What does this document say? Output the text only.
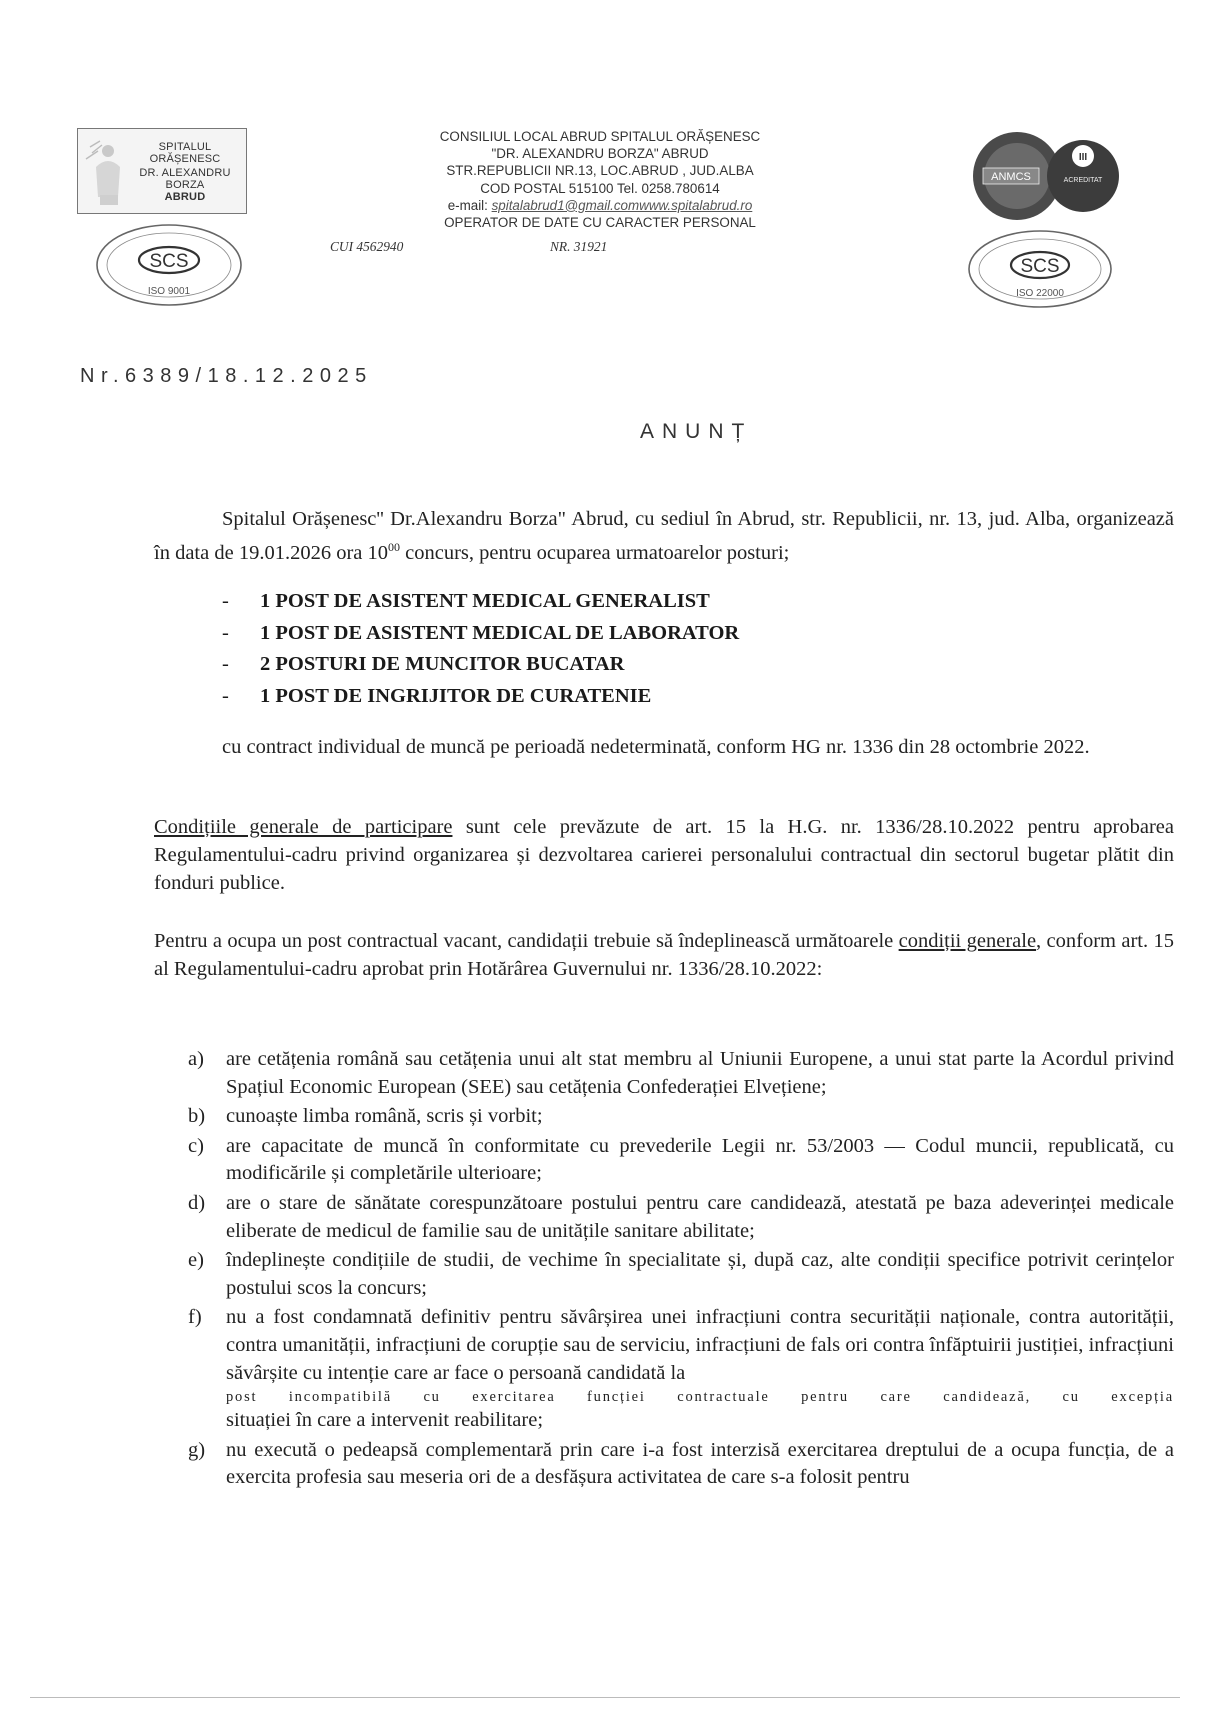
SPITALUL ORĂȘENESC
DR. ALEXANDRU BORZA
ABRUD
SCS
ISO 9001
CONSILIUL LOCAL ABRUD SPITALUL ORĂȘENESC
"DR. ALEXANDRU BORZA" ABRUD
STR.REPUBLICII NR.13, LOC.ABRUD , JUD.ALBA
COD POSTAL 515100 Tel. 0258.780614
e-mail: spitalabrud1@gmail.comwww.spitalabrud.ro
OPERATOR DE DATE CU CARACTER PERSONAL
CUI 4562940	NR. 31921
ANMCS
III
ACREDITAT
SCS
ISO 22000
Nr.6389/18.12.2025
ANUNȚ
Spitalul Orășenesc'' Dr.Alexandru Borza" Abrud, cu sediul în Abrud, str. Republicii, nr. 13, jud. Alba, organizează în data de 19.01.2026 ora $10^{00}$ concurs, pentru ocuparea urmatoarelor posturi;
- 1 POST DE ASISTENT MEDICAL GENERALIST
- 1 POST DE ASISTENT MEDICAL DE LABORATOR
- 2 POSTURI DE MUNCITOR BUCATAR
- 1 POST DE INGRIJITOR DE CURATENIE
cu contract individual de muncă pe perioadă nedeterminată, conform HG nr. 1336 din 28 octombrie 2022.
Condițiile generale de participare sunt cele prevăzute de art. 15 la H.G. nr. 1336/28.10.2022 pentru aprobarea Regulamentului-cadru privind organizarea și dezvoltarea carierei personalului contractual din sectorul bugetar plătit din fonduri publice.
Pentru a ocupa un post contractual vacant, candidații trebuie să îndeplinească următoarele condiții generale, conform art. 15 al Regulamentului-cadru aprobat prin Hotărârea Guvernului nr. 1336/28.10.2022:
a) are cetățenia română sau cetățenia unui alt stat membru al Uniunii Europene, a unui stat parte la Acordul privind Spațiul Economic European (SEE) sau cetățenia Confederației Elvețiene;
b) cunoaște limba română, scris și vorbit;
c) are capacitate de muncă în conformitate cu prevederile Legii nr. 53/2003 — Codul muncii, republicată, cu modificările și completările ulterioare;
d) are o stare de sănătate corespunzătoare postului pentru care candidează, atestată pe baza adeverinței medicale eliberate de medicul de familie sau de unitățile sanitare abilitate;
e) îndeplinește condițiile de studii, de vechime în specialitate și, după caz, alte condiții specifice potrivit cerințelor postului scos la concurs;
f) nu a fost condamnată definitiv pentru săvârșirea unei infracțiuni contra securității naționale, contra autorității, contra umanității, infracțiuni de corupție sau de serviciu, infracțiuni de fals ori contra înfăptuirii justiției, infracțiuni săvârșite cu intenție care ar face o persoană candidată la
post incompatibilă cu exercitarea funcției contractuale pentru care candidează, cu excepția
situației în care a intervenit reabilitare;
g) nu execută o pedeapsă complementară prin care i-a fost interzisă exercitarea dreptului de a ocupa funcția, de a exercita profesia sau meseria ori de a desfășura activitatea de care s-a folosit pentru
